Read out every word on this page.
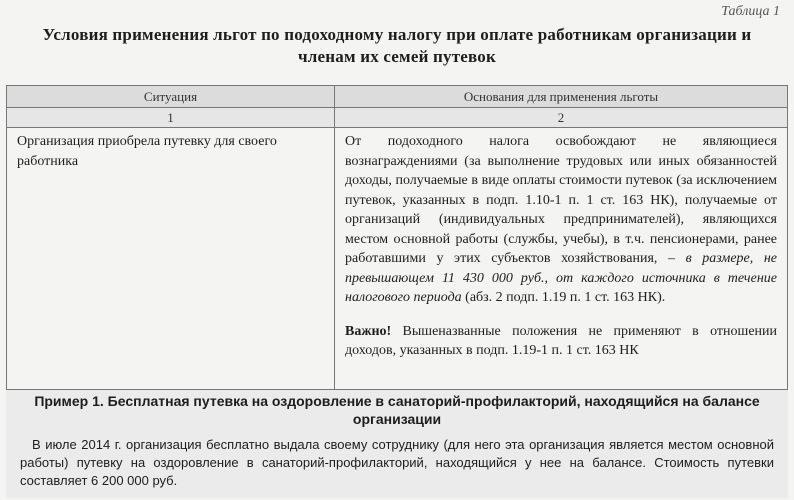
Таблица 1
Условия применения льгот по подоходному налогу при оплате работникам организации и членам их семей путевок
Ситуация	Основания для применения льготы
1	2

Организация приобрела путевку для своего работника

От подоходного налога освобождают не являющиеся вознаграждениями (за выполнение трудовых или иных обязанностей доходы, получаемые в виде оплаты стоимости путевок (за исключением путевок, указанных в подп. 1.10-1 п. 1 ст. 163 НК), получаемые от организаций (индивидуальных предпринимателей), являющихся местом основной работы (службы, учебы), в т.ч. пенсионерами, ранее работавшими у этих субъектов хозяйствования, – в размере, не превышающем 11 430 000 руб., от каждого источника в течение налогового периода (абз. 2 подп. 1.19 п. 1 ст. 163 НК).

Важно! Вышеназванные положения не применяют в отношении доходов, указанных в подп. 1.19-1 п. 1 ст. 163 НК

Пример 1. Бесплатная путевка на оздоровление в санаторий-профилакторий, находящийся на балансе организации

В июле 2014 г. организация бесплатно выдала своему сотруднику (для него эта организация является местом основной работы) путевку на оздоровление в санаторий-профилакторий, находящийся у нее на балансе. Стоимость путевки составляет 6 200 000 руб.
